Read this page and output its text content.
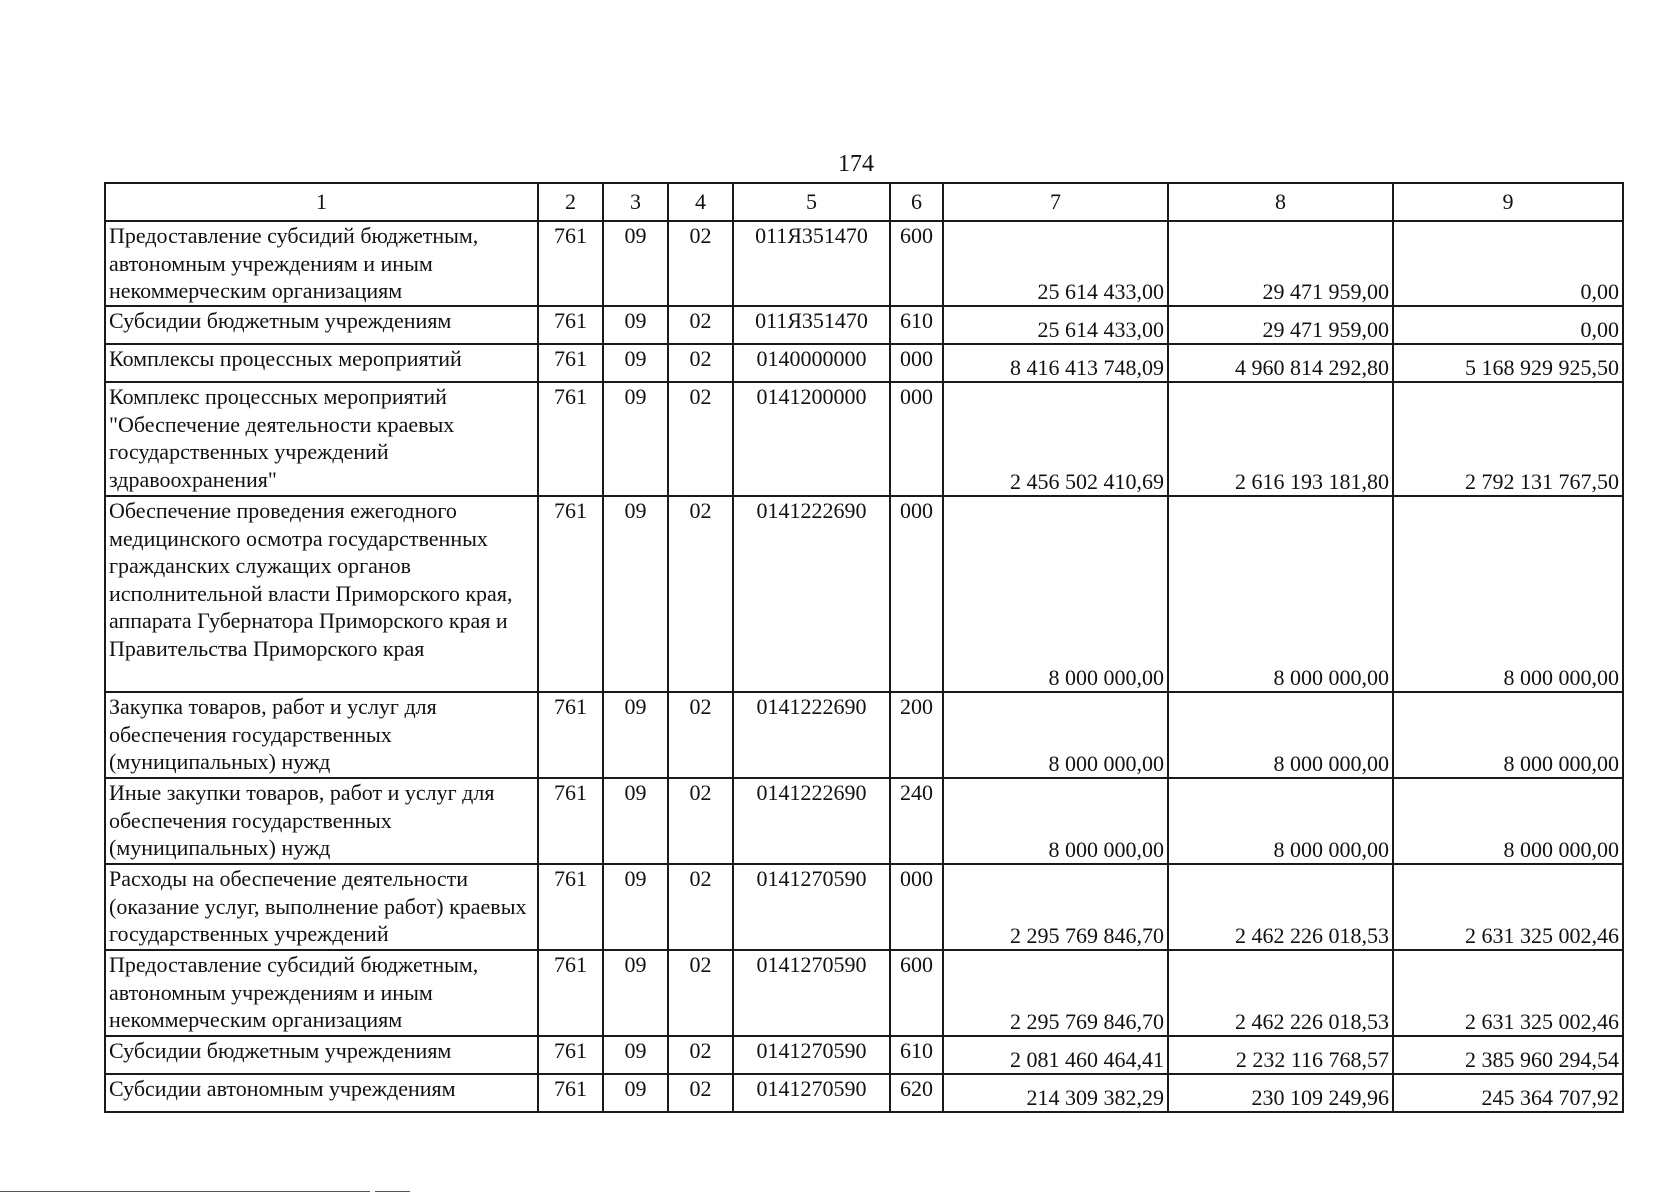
174
1	2	3	4	5	6	7	8	9
Предоставление субсидий бюджетным, автономным учреждениям и иным некоммерческим организациям	761	09	02	011Я351470	600	25 614 433,00	29 471 959,00	0,00
Субсидии бюджетным учреждениям	761	09	02	011Я351470	610	25 614 433,00	29 471 959,00	0,00
Комплексы процессных мероприятий	761	09	02	0140000000	000	8 416 413 748,09	4 960 814 292,80	5 168 929 925,50
Комплекс процессных мероприятий "Обеспечение деятельности краевых государственных учреждений здравоохранения"	761	09	02	0141200000	000	2 456 502 410,69	2 616 193 181,80	2 792 131 767,50
Обеспечение проведения ежегодного медицинского осмотра государственных гражданских служащих органов исполнительной власти Приморского края, аппарата Губернатора Приморского края и Правительства Приморского края	761	09	02	0141222690	000	8 000 000,00	8 000 000,00	8 000 000,00
Закупка товаров, работ и услуг для обеспечения государственных (муниципальных) нужд	761	09	02	0141222690	200	8 000 000,00	8 000 000,00	8 000 000,00
Иные закупки товаров, работ и услуг для обеспечения государственных (муниципальных) нужд	761	09	02	0141222690	240	8 000 000,00	8 000 000,00	8 000 000,00
Расходы на обеспечение деятельности (оказание услуг, выполнение работ) краевых государственных учреждений	761	09	02	0141270590	000	2 295 769 846,70	2 462 226 018,53	2 631 325 002,46
Предоставление субсидий бюджетным, автономным учреждениям и иным некоммерческим организациям	761	09	02	0141270590	600	2 295 769 846,70	2 462 226 018,53	2 631 325 002,46
Субсидии бюджетным учреждениям	761	09	02	0141270590	610	2 081 460 464,41	2 232 116 768,57	2 385 960 294,54
Субсидии автономным учреждениям	761	09	02	0141270590	620	214 309 382,29	230 109 249,96	245 364 707,92
